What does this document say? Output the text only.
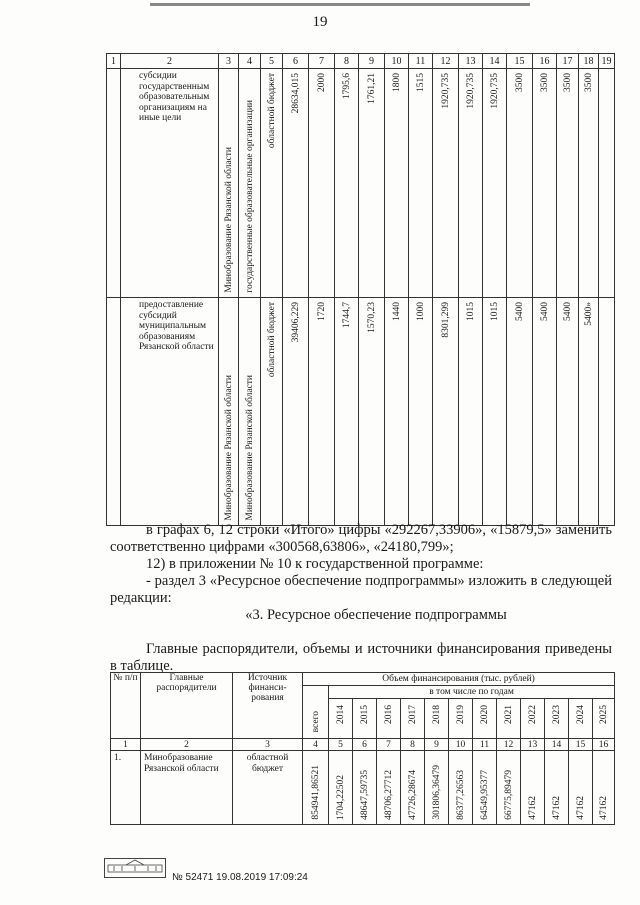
19
1	2	3	4	5	6	7	8	9	10	11	12	13	14	15	16	17	18	19
	субсидии государственным образовательным организациям на иные цели	Минобразование Рязанской области	государственные образовательные организации	областной бюджет	28634,015	2000	1795,6	1761,21	1800	1515	1920,735	1920,735	1920,735	3500	3500	3500	3500	

	предоставление субсидий муниципальным образованиям Рязанской области	Минобразование Рязанской области	Минобразование Рязанской области	областной бюджет	39406,229	1720	1744,7	1570,23	1440	1000	8301,299	1015	1015	5400	5400	5400	5400»	

в графах 6, 12 строки «Итого» цифры «292267,33906», «15879,5» заменить соответственно цифрами «300568,63806», «24180,799»;
12) в приложении № 10 к государственной программе:
- раздел 3 «Ресурсное обеспечение подпрограммы» изложить в следующей редакции:
«3. Ресурсное обеспечение подпрограммы
Главные распорядители, объемы и источники финансирования приведены в таблице.
№ п/п	Главные распорядители	Источник финанси-рования	Объем финансирования (тыс. рублей)												

			всего	в том числе по годам											

				2014	2015	2016	2017	2018	2019	2020	2021	2022	2023	2024	2025

1	2	3	4	5	6	7	8	9	10	11	12	13	14	15	16
1.	Минобразование Рязанской области	областной бюджет	854941,86521	1704,22502	48647,59735	48706,27712	47726,28674	301806,36479	86377,26563	64549,95377	66775,89479	47162	47162	47162	47162
№ 52471 19.08.2019 17:09:24
